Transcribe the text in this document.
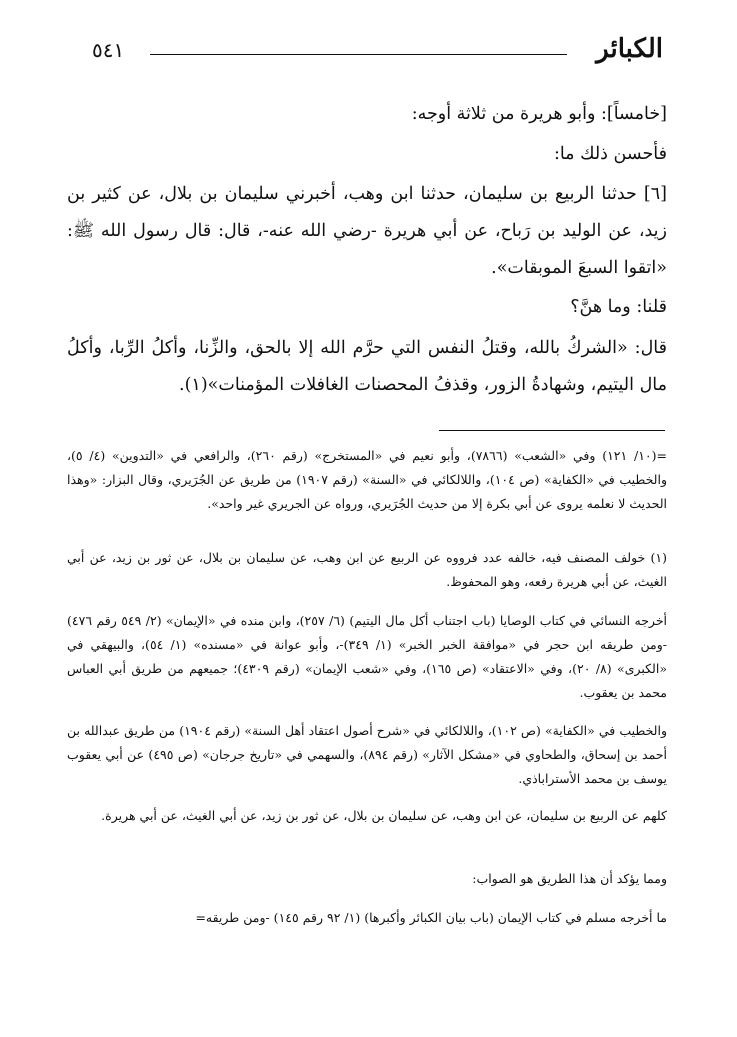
الكبائر
٥٤١

[خامساً]: وأبو هريرة من ثلاثة أوجه:

فأحسن ذلك ما:

[٦] حدثنا الربيع بن سليمان، حدثنا ابن وهب، أخبرني سليمان بن بلال، عن كثير بن زيد، عن الوليد بن رَباح، عن أبي هريرة -رضي الله عنه-، قال: قال رسول الله ﷺ: «اتقوا السبعَ الموبقات».

قلنا: وما هنَّ؟

قال: «الشركُ بالله، وقتلُ النفس التي حرَّم الله إلا بالحق، والزِّنا، وأكلُ الرِّبا، وأكلُ مال اليتيم، وشهادةُ الزور، وقذفُ المحصنات الغافلات المؤمنات»(١).

=(١٠/ ١٢١) وفي «الشعب» (٧٨٦٦)، وأبو نعيم في «المستخرج» (رقم ٢٦٠)، والرافعي في «التدوين» (٤/ ٥)، والخطيب في «الكفاية» (ص ١٠٤)، واللالكائي في «السنة» (رقم ١٩٠٧) من طريق عن الجُرَيري، وقال البزار: «وهذا الحديث لا نعلمه يروى عن أبي بكرة إلا من حديث الجُرَيري، ورواه عن الجريري غير واحد».

(١) خولف المصنف فيه، خالفه عدد فرووه عن الربيع عن ابن وهب، عن سليمان بن بلال، عن ثور بن زيد، عن أبي الغيث، عن أبي هريرة رفعه، وهو المحفوظ.

أخرجه النسائي في كتاب الوصايا (باب اجتناب أكل مال اليتيم) (٦/ ٢٥٧)، وابن منده في «الإيمان» (٢/ ٥٤٩ رقم ٤٧٦) -ومن طريقه ابن حجر في «موافقة الخبر الخبر» (١/ ٣٤٩)-، وأبو عوانة في «مسنده» (١/ ٥٤)، والبيهقي في «الكبرى» (٨/ ٢٠)، وفي «الاعتقاد» (ص ١٦٥)، وفي «شعب الإيمان» (رقم ٤٣٠٩)؛ جميعهم من طريق أبي العباس محمد بن يعقوب.

والخطيب في «الكفاية» (ص ١٠٢)، واللالكائي في «شرح أصول اعتقاد أهل السنة» (رقم ١٩٠٤) من طريق عبدالله بن أحمد بن إسحاق، والطحاوي في «مشكل الآثار» (رقم ٨٩٤)، والسهمي في «تاريخ جرجان» (ص ٤٩٥) عن أبي يعقوب يوسف بن محمد الأستراباذي.

كلهم عن الربيع بن سليمان، عن ابن وهب، عن سليمان بن بلال، عن ثور بن زيد، عن أبي الغيث، عن أبي هريرة.

ومما يؤكد أن هذا الطريق هو الصواب:

ما أخرجه مسلم في كتاب الإيمان (باب بيان الكبائر وأكبرها) (١/ ٩٢ رقم ١٤٥) -ومن طريقه=
